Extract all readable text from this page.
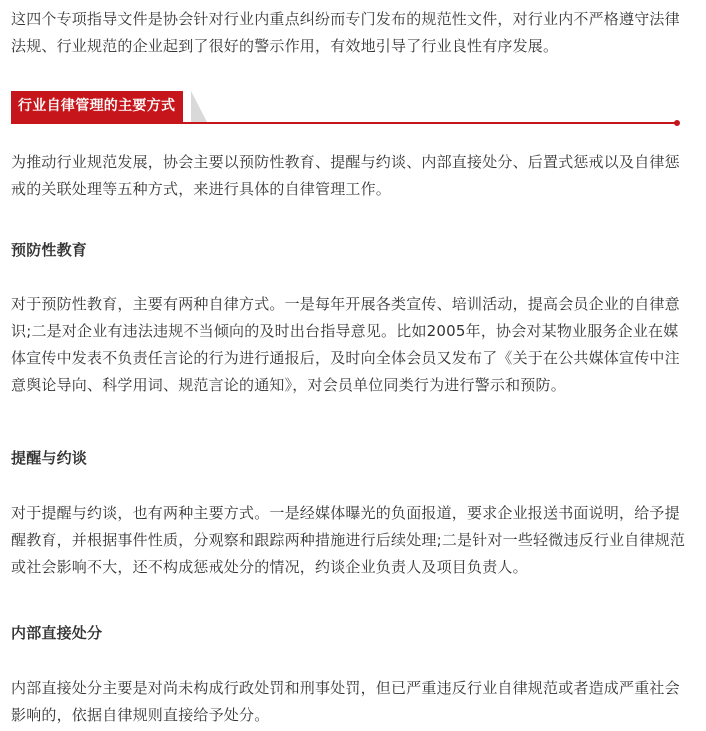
这四个专项指导文件是协会针对行业内重点纠纷而专门发布的规范性文件，对行业内不严格遵守法律法规、行业规范的企业起到了很好的警示作用，有效地引导了行业良性有序发展。

行业自律管理的主要方式

为推动行业规范发展，协会主要以预防性教育、提醒与约谈、内部直接处分、后置式惩戒以及自律惩戒的关联处理等五种方式，来进行具体的自律管理工作。

预防性教育

对于预防性教育，主要有两种自律方式。一是每年开展各类宣传、培训活动，提高会员企业的自律意识;二是对企业有违法违规不当倾向的及时出台指导意见。比如2005年，协会对某物业服务企业在媒体宣传中发表不负责任言论的行为进行通报后，及时向全体会员又发布了《关于在公共媒体宣传中注意舆论导向、科学用词、规范言论的通知》，对会员单位同类行为进行警示和预防。

提醒与约谈

对于提醒与约谈，也有两种主要方式。一是经媒体曝光的负面报道，要求企业报送书面说明，给予提醒教育，并根据事件性质，分观察和跟踪两种措施进行后续处理;二是针对一些轻微违反行业自律规范或社会影响不大，还不构成惩戒处分的情况，约谈企业负责人及项目负责人。

内部直接处分

内部直接处分主要是对尚未构成行政处罚和刑事处罚，但已严重违反行业自律规范或者造成严重社会影响的，依据自律规则直接给予处分。
